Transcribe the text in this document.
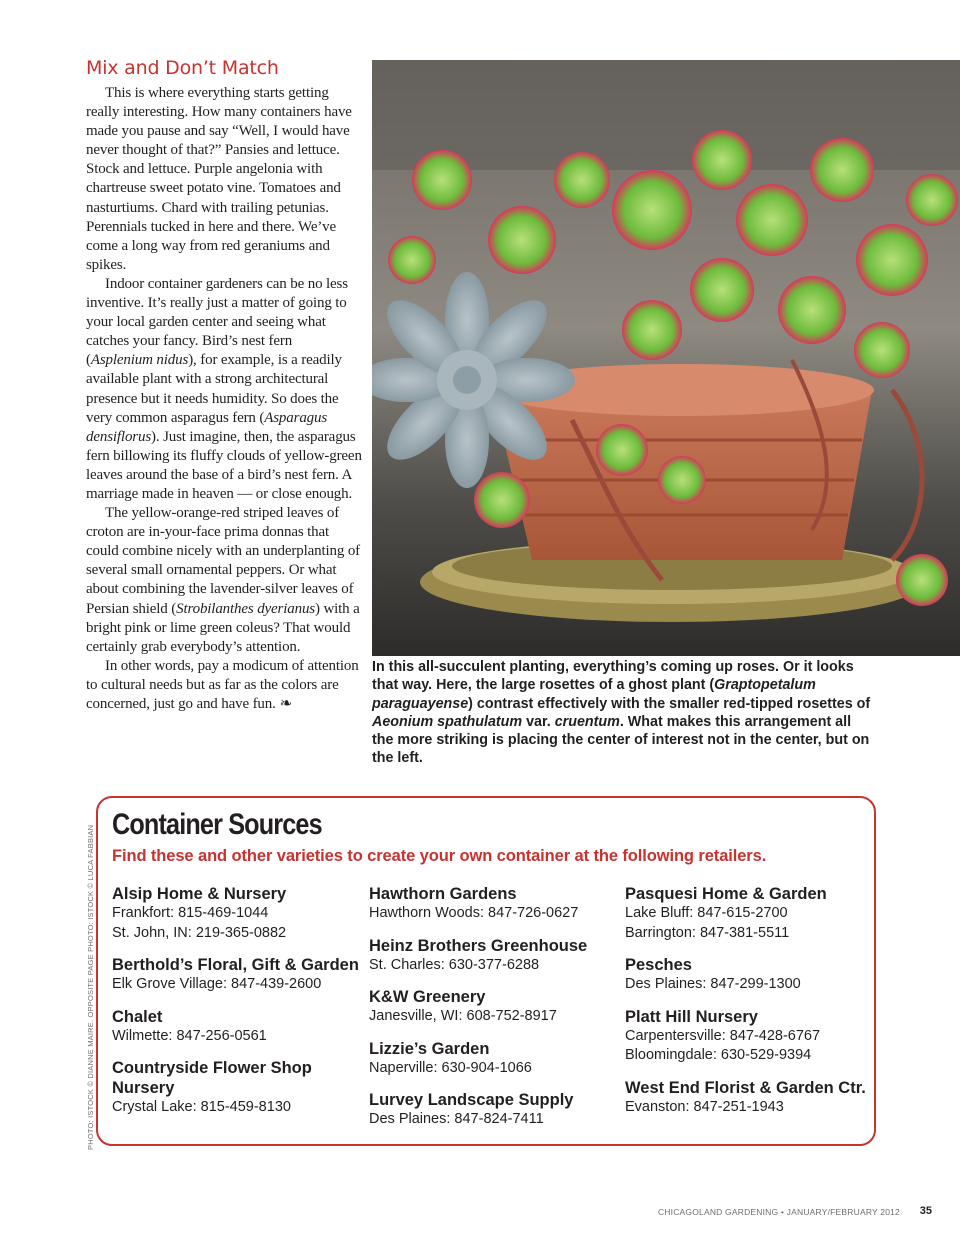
Mix and Don’t Match

This is where everything starts getting really interesting. How many containers have made you pause and say “Well, I would have never thought of that?” Pansies and lettuce. Stock and lettuce. Purple angelonia with chartreuse sweet potato vine. Tomatoes and nasturtiums. Chard with trailing petunias. Perennials tucked in here and there. We’ve come a long way from red geraniums and spikes.

Indoor container gardeners can be no less inventive. It’s really just a matter of going to your local garden center and seeing what catches your fancy. Bird’s nest fern (Asplenium nidus), for example, is a readily available plant with a strong architectural presence but it needs humidity. So does the very common asparagus fern (Asparagus densiflorus). Just imagine, then, the asparagus fern billowing its fluffy clouds of yellow-green leaves around the base of a bird’s nest fern. A marriage made in heaven — or close enough.

The yellow-orange-red striped leaves of croton are in-your-face prima donnas that could combine nicely with an underplanting of several small ornamental peppers. Or what about combining the lavender-silver leaves of Persian shield (Strobilanthes dyerianus) with a bright pink or lime green coleus? That would certainly grab everybody’s attention.

In other words, pay a modicum of attention to cultural needs but as far as the colors are concerned, just go and have fun. ❧

In this all-succulent planting, everything’s coming up roses. Or it looks that way. Here, the large rosettes of a ghost plant (Graptopetalum paraguayense) contrast effectively with the smaller red-tipped rosettes of Aeonium spathulatum var. cruentum. What makes this arrangement all the more striking is placing the center of interest not in the center, but on the left.
PHOTO: ISTOCK © DIANNE MAIRE. OPPOSITE PAGE PHOTO: ISTOCK © LUCA FABBIAN
Container Sources
Find these and other varieties to create your own container at the following retailers.
Alsip Home & Nursery
Frankfort: 815-469-1044
St. John, IN: 219-365-0882
Berthold’s Floral, Gift & Garden
Elk Grove Village: 847-439-2600
Chalet
Wilmette: 847-256-0561
Countryside Flower Shop Nursery
Crystal Lake: 815-459-8130
Hawthorn Gardens
Hawthorn Woods: 847-726-0627
Heinz Brothers Greenhouse
St. Charles: 630-377-6288
K&W Greenery
Janesville, WI: 608-752-8917
Lizzie’s Garden
Naperville: 630-904-1066
Lurvey Landscape Supply
Des Plaines: 847-824-7411
Pasquesi Home & Garden
Lake Bluff: 847-615-2700
Barrington: 847-381-5511
Pesches
Des Plaines: 847-299-1300
Platt Hill Nursery
Carpentersville: 847-428-6767
Bloomingdale: 630-529-9394
West End Florist & Garden Ctr.
Evanston: 847-251-1943
CHICAGOLAND GARDENING • JANUARY/FEBRUARY 2012 35
